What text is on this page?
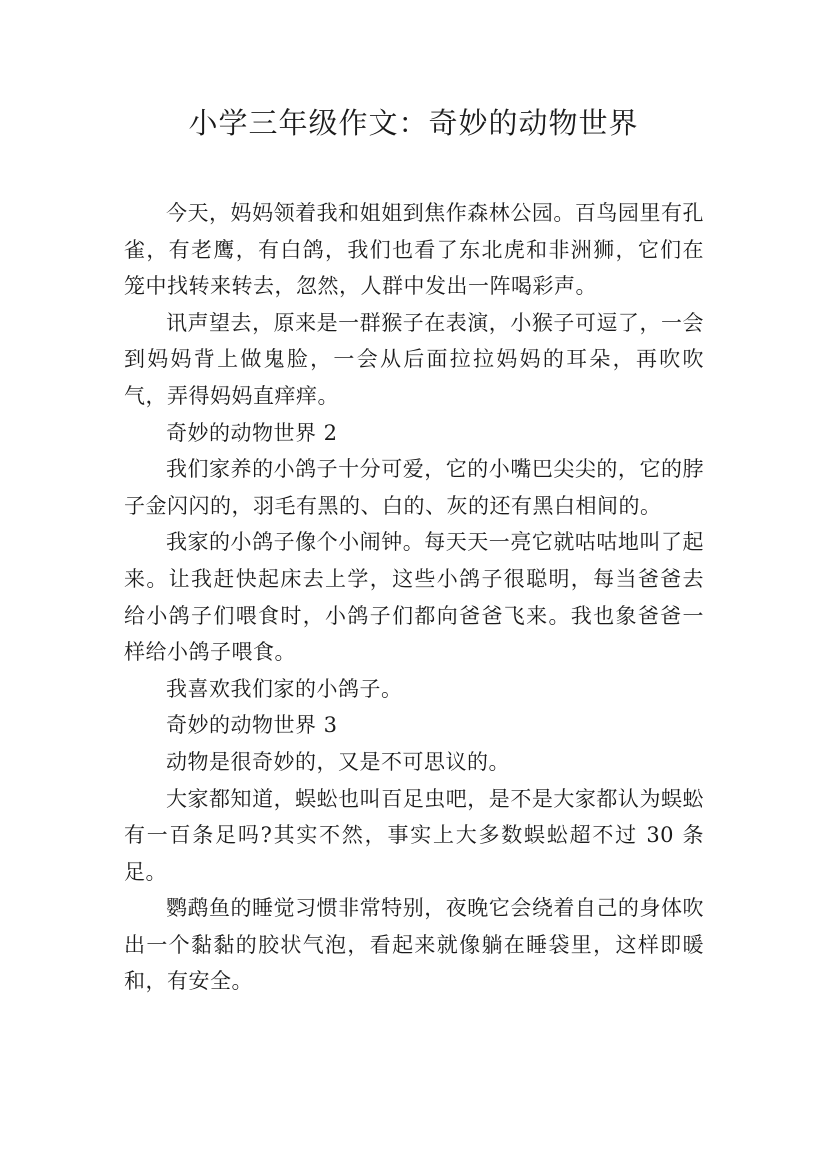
小学三年级作文：奇妙的动物世界

今天，妈妈领着我和姐姐到焦作森林公园。百鸟园里有孔雀，有老鹰，有白鸽，我们也看了东北虎和非洲狮，它们在笼中找转来转去，忽然，人群中发出一阵喝彩声。

讯声望去，原来是一群猴子在表演，小猴子可逗了，一会到妈妈背上做鬼脸，一会从后面拉拉妈妈的耳朵，再吹吹气，弄得妈妈直痒痒。

奇妙的动物世界 2

我们家养的小鸽子十分可爱，它的小嘴巴尖尖的，它的脖子金闪闪的，羽毛有黑的、白的、灰的还有黑白相间的。

我家的小鸽子像个小闹钟。每天天一亮它就咕咕地叫了起来。让我赶快起床去上学，这些小鸽子很聪明，每当爸爸去给小鸽子们喂食时，小鸽子们都向爸爸飞来。我也象爸爸一样给小鸽子喂食。

我喜欢我们家的小鸽子。

奇妙的动物世界 3

动物是很奇妙的，又是不可思议的。

大家都知道，蜈蚣也叫百足虫吧，是不是大家都认为蜈蚣有一百条足吗?其实不然，事实上大多数蜈蚣超不过 30 条足。

鹦鹉鱼的睡觉习惯非常特别，夜晚它会绕着自己的身体吹出一个黏黏的胶状气泡，看起来就像躺在睡袋里，这样即暖和，有安全。
